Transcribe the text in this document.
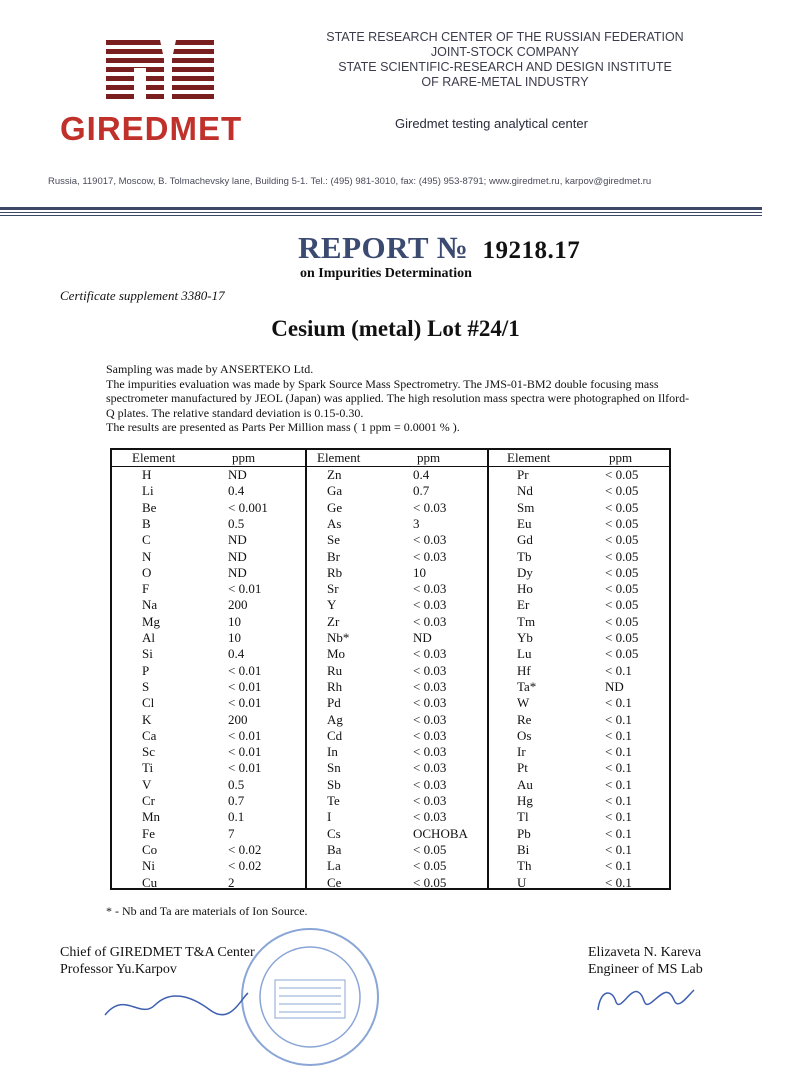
GIREDMET
STATE RESEARCH CENTER OF THE RUSSIAN FEDERATION
JOINT-STOCK COMPANY
STATE SCIENTIFIC-RESEARCH AND DESIGN INSTITUTE
OF RARE-METAL INDUSTRY
Giredmet testing analytical center
Russia, 119017, Moscow, B. Tolmachevsky lane, Building 5-1. Tel.: (495) 981-3010, fax: (495) 953-8791; www.giredmet.ru, karpov@giredmet.ru
REPORT № 19218.17
on Impurities Determination
Certificate supplement 3380-17
Cesium (metal) Lot #24/1

Sampling was made by ANSERTEKO Ltd.

The impurities evaluation was made by Spark Source Mass Spectrometry. The JMS-01-BM2 double focusing mass spectrometer manufactured by JEOL (Japan) was applied. The high resolution mass spectra were photographed on Ilford-Q plates. The relative standard deviation is 0.15-0.30.

The results are presented as Parts Per Million mass ( 1 ppm = 0.0001 % ).

Element	ppm
H	ND
Li	0.4
Be	< 0.001
B	0.5
C	ND
N	ND
O	ND
F	< 0.01
Na	200
Mg	10
Al	10
Si	0.4
P	< 0.01
S	< 0.01
Cl	< 0.01
K	200
Ca	< 0.01
Sc	< 0.01
Ti	< 0.01
V	0.5
Cr	0.7
Mn	0.1
Fe	7
Co	< 0.02
Ni	< 0.02
Cu	2
Element	ppm
Zn	0.4
Ga	0.7
Ge	< 0.03
As	3
Se	< 0.03
Br	< 0.03
Rb	10
Sr	< 0.03
Y	< 0.03
Zr	< 0.03
Nb*	ND
Mo	< 0.03
Ru	< 0.03
Rh	< 0.03
Pd	< 0.03
Ag	< 0.03
Cd	< 0.03
In	< 0.03
Sn	< 0.03
Sb	< 0.03
Te	< 0.03
I	< 0.03
Cs	OCHOBA
Ba	< 0.05
La	< 0.05
Ce	< 0.05
Element	ppm
Pr	< 0.05
Nd	< 0.05
Sm	< 0.05
Eu	< 0.05
Gd	< 0.05
Tb	< 0.05
Dy	< 0.05
Ho	< 0.05
Er	< 0.05
Tm	< 0.05
Yb	< 0.05
Lu	< 0.05
Hf	< 0.1
Ta*	ND
W	< 0.1
Re	< 0.1
Os	< 0.1
Ir	< 0.1
Pt	< 0.1
Au	< 0.1
Hg	< 0.1
Tl	< 0.1
Pb	< 0.1
Bi	< 0.1
Th	< 0.1
U	< 0.1
* - Nb and Ta are materials of Ion Source.
Chief of GIREDMET T&A Center
Professor Yu.Karpov
Elizaveta N. Kareva
Engineer of MS Lab
